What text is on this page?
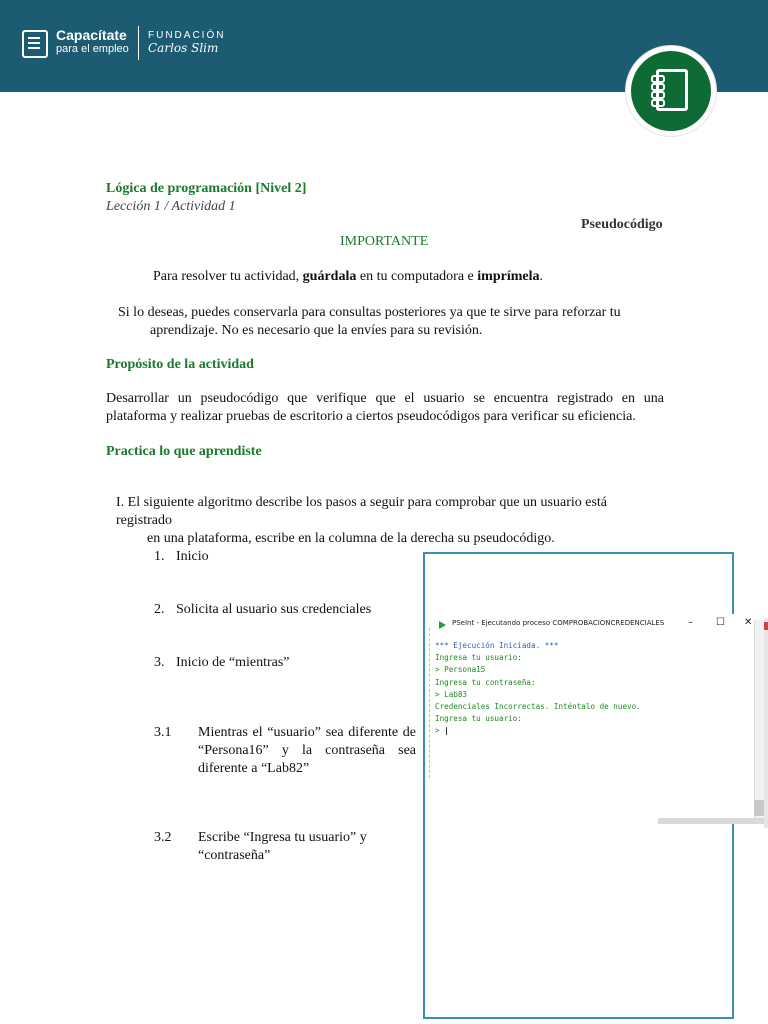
Capacítate
para el empleo
FUNDACIÓN
Carlos Slim
Lógica de programación [Nivel 2]
Lección 1 / Actividad 1
Pseudocódigo
IMPORTANTE
Para resolver tu actividad, guárdala en tu computadora e imprímela.
Si lo deseas, puedes conservarla para consultas posteriores ya que te sirve para reforzar tu
aprendizaje. No es necesario que la envíes para su revisión.
Propósito de la actividad
Desarrollar un pseudocódigo que verifique que el usuario se encuentra registrado en una plataforma y realizar pruebas de escritorio a ciertos pseudocódigos para verificar su eficiencia.
Practica lo que aprendiste
I. El siguiente algoritmo describe los pasos a seguir para comprobar que un usuario está registrado
en una plataforma, escribe en la columna de la derecha su pseudocódigo.
1. Inicio
2. Solicita al usuario sus credenciales
3. Inicio de “mientras”
3.1 Mientras el “usuario” sea diferente de “Persona16” y la contraseña sea diferente a “Lab82”
3.2 Escribe “Ingresa tu usuario” y “contraseña”
PSeInt - Ejecutando proceso COMPROBACIONCREDENCIALES – ☐ ✕
*** Ejecución Iniciada. ***
Ingresa tu usuario:
> Persona15
Ingresa tu contraseña:
> Lab83
Credenciales Incorrectas. Inténtalo de nuevo.
Ingresa tu usuario:
>
